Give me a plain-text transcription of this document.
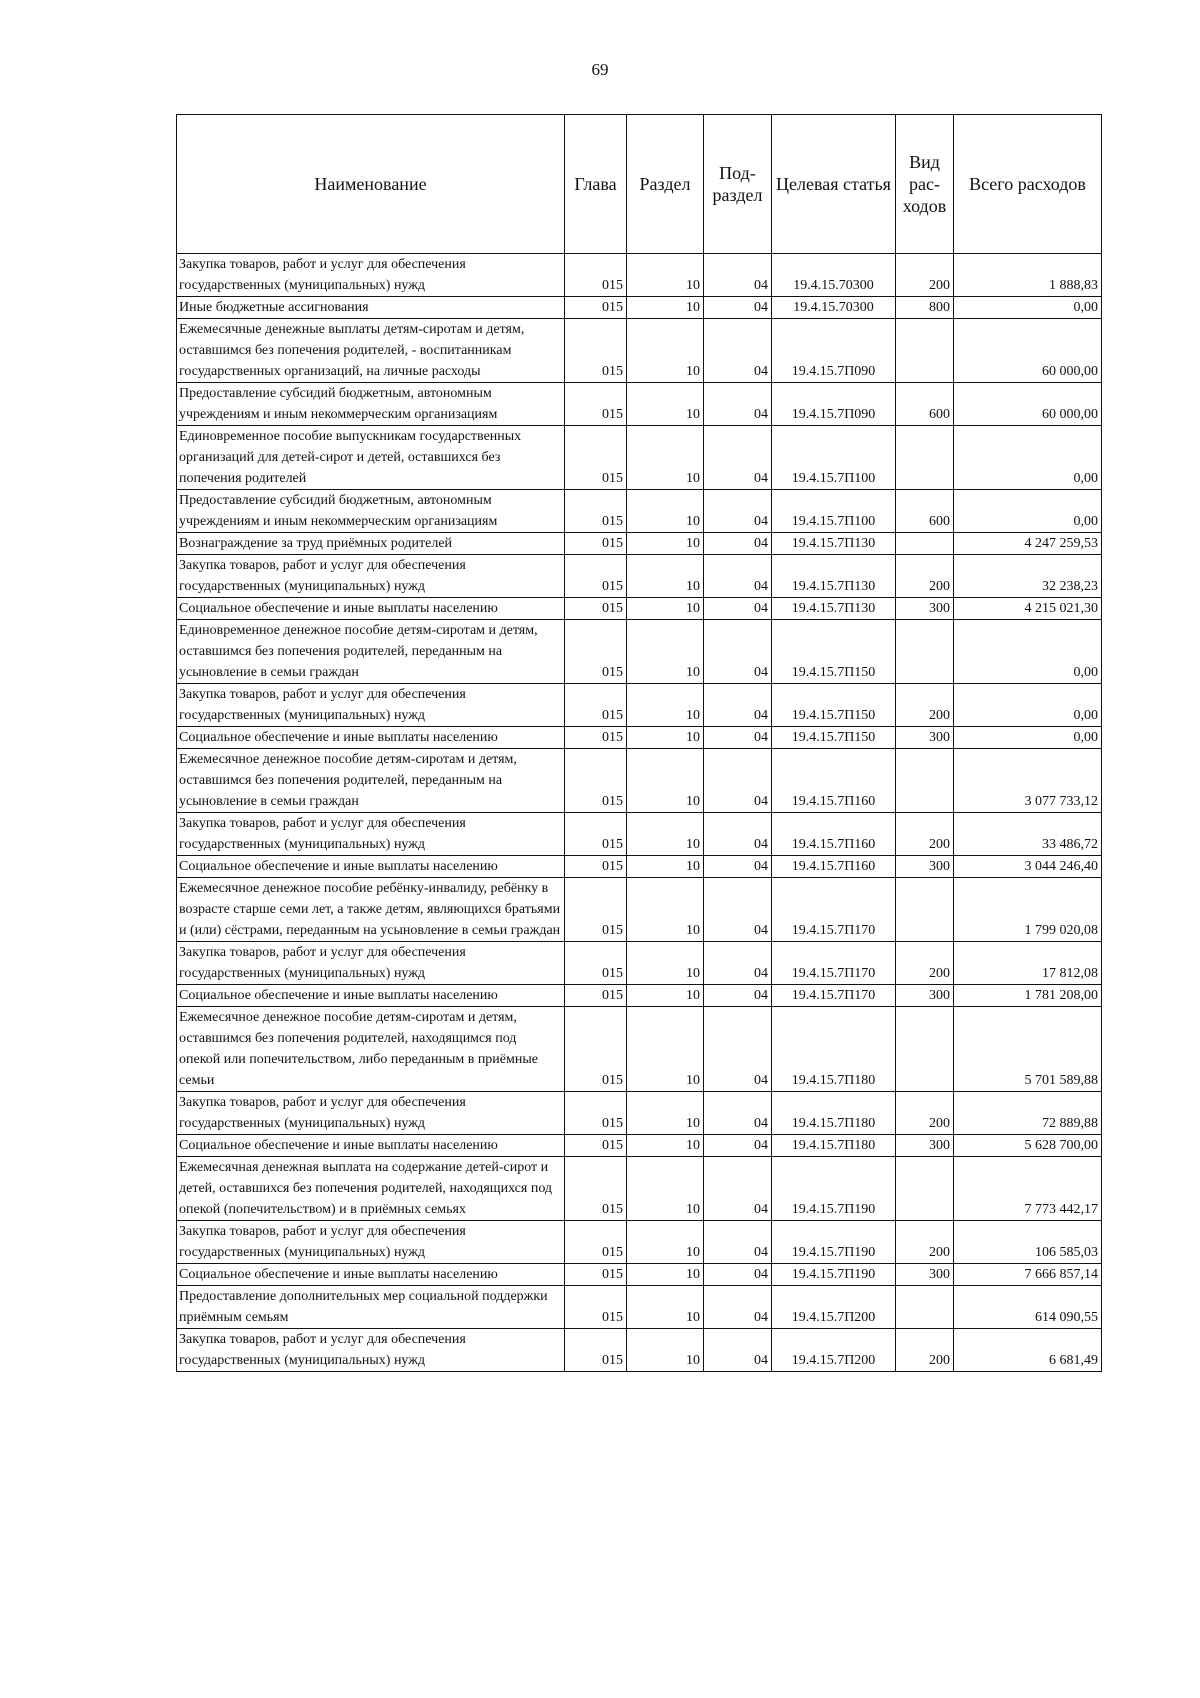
69
Наименование	Глава	Раздел	Под-раздел	Целевая статья	Вид рас-ходов	Всего расходов
Закупка товаров, работ и услуг для обеспечения государственных (муниципальных) нужд	015	10	04	19.4.15.70300	200	1 888,83
Иные бюджетные ассигнования	015	10	04	19.4.15.70300	800	0,00
Ежемесячные денежные выплаты детям-сиротам и детям, оставшимся без попечения родителей, - воспитанникам государственных организаций, на личные расходы	015	10	04	19.4.15.7П090		60 000,00
Предоставление субсидий бюджетным, автономным учреждениям и иным некоммерческим организациям	015	10	04	19.4.15.7П090	600	60 000,00
Единовременное пособие выпускникам государственных организаций для детей-сирот и детей, оставшихся без попечения родителей	015	10	04	19.4.15.7П100		0,00
Предоставление субсидий бюджетным, автономным учреждениям и иным некоммерческим организациям	015	10	04	19.4.15.7П100	600	0,00
Вознаграждение за труд приёмных родителей	015	10	04	19.4.15.7П130		4 247 259,53
Закупка товаров, работ и услуг для обеспечения государственных (муниципальных) нужд	015	10	04	19.4.15.7П130	200	32 238,23
Социальное обеспечение и иные выплаты населению	015	10	04	19.4.15.7П130	300	4 215 021,30
Единовременное денежное пособие детям-сиротам и детям, оставшимся без попечения родителей, переданным на усыновление в семьи граждан	015	10	04	19.4.15.7П150		0,00
Закупка товаров, работ и услуг для обеспечения государственных (муниципальных) нужд	015	10	04	19.4.15.7П150	200	0,00
Социальное обеспечение и иные выплаты населению	015	10	04	19.4.15.7П150	300	0,00
Ежемесячное денежное пособие детям-сиротам и детям, оставшимся без попечения родителей, переданным на усыновление в семьи граждан	015	10	04	19.4.15.7П160		3 077 733,12
Закупка товаров, работ и услуг для обеспечения государственных (муниципальных) нужд	015	10	04	19.4.15.7П160	200	33 486,72
Социальное обеспечение и иные выплаты населению	015	10	04	19.4.15.7П160	300	3 044 246,40
Ежемесячное денежное пособие ребёнку-инвалиду, ребёнку в возрасте старше семи лет, а также детям, являющихся братьями и (или) сёстрами, переданным на усыновление в семьи граждан	015	10	04	19.4.15.7П170		1 799 020,08
Закупка товаров, работ и услуг для обеспечения государственных (муниципальных) нужд	015	10	04	19.4.15.7П170	200	17 812,08
Социальное обеспечение и иные выплаты населению	015	10	04	19.4.15.7П170	300	1 781 208,00
Ежемесячное денежное пособие детям-сиротам и детям, оставшимся без попечения родителей, находящимся под опекой или попечительством, либо переданным в приёмные семьи	015	10	04	19.4.15.7П180		5 701 589,88
Закупка товаров, работ и услуг для обеспечения государственных (муниципальных) нужд	015	10	04	19.4.15.7П180	200	72 889,88
Социальное обеспечение и иные выплаты населению	015	10	04	19.4.15.7П180	300	5 628 700,00
Ежемесячная денежная выплата на содержание детей-сирот и детей, оставшихся без попечения родителей, находящихся под опекой (попечительством) и в приёмных семьях	015	10	04	19.4.15.7П190		7 773 442,17
Закупка товаров, работ и услуг для обеспечения государственных (муниципальных) нужд	015	10	04	19.4.15.7П190	200	106 585,03
Социальное обеспечение и иные выплаты населению	015	10	04	19.4.15.7П190	300	7 666 857,14
Предоставление дополнительных мер социальной поддержки приёмным семьям	015	10	04	19.4.15.7П200		614 090,55
Закупка товаров, работ и услуг для обеспечения государственных (муниципальных) нужд	015	10	04	19.4.15.7П200	200	6 681,49
